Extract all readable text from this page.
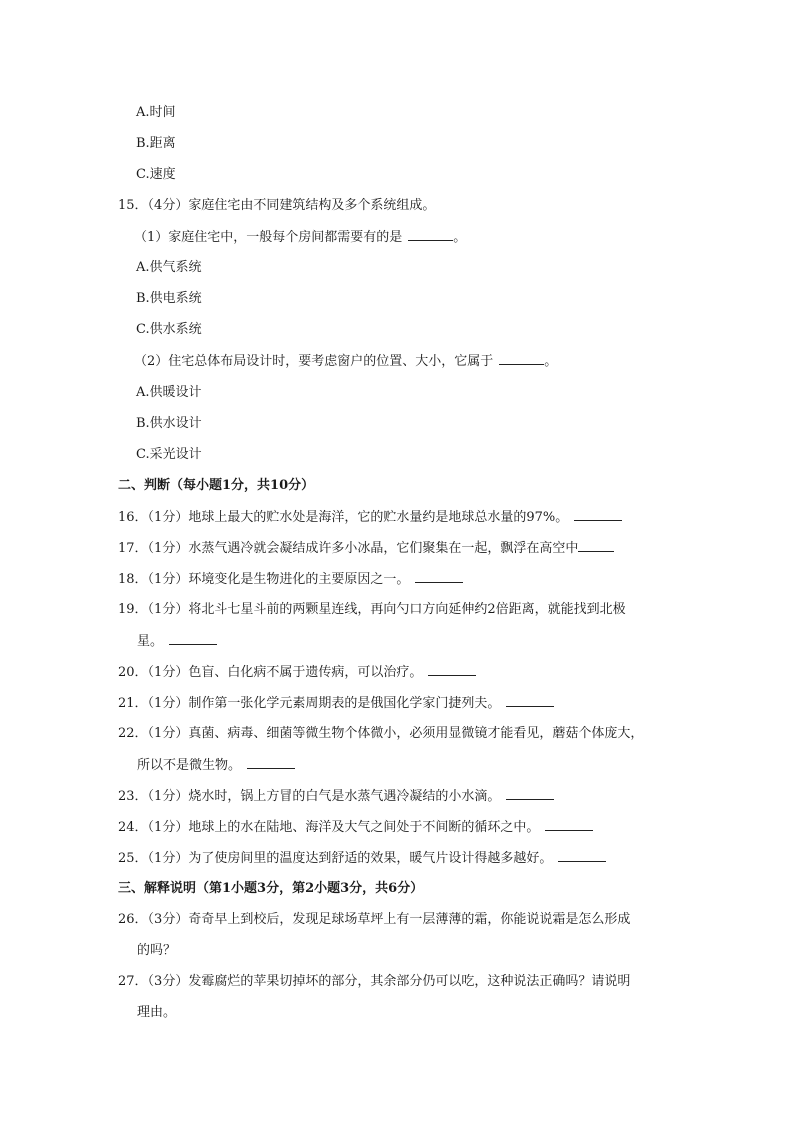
A.时间
B.距离
C.速度
15．（4分）家庭住宅由不同建筑结构及多个系统组成。
（1）家庭住宅中，一般每个房间都需要有的是	。
A.供气系统
B.供电系统
C.供水系统
（2）住宅总体布局设计时，要考虑窗户的位置、大小，它属于	。
A.供暖设计
B.供水设计
C.采光设计
二、判断（每小题1分，共10分）
16．（1分）地球上最大的贮水处是海洋，它的贮水量约是地球总水量的97%。
17．（1分）水蒸气遇冷就会凝结成许多小冰晶，它们聚集在一起，飘浮在高空中
18．（1分）环境变化是生物进化的主要原因之一。
19．（1分）将北斗七星斗前的两颗星连线，再向勺口方向延伸约2倍距离，就能找到北极
星。
20．（1分）色盲、白化病不属于遗传病，可以治疗。
21．（1分）制作第一张化学元素周期表的是俄国化学家门捷列夫。
22．（1分）真菌、病毒、细菌等微生物个体微小，必须用显微镜才能看见，蘑菇个体庞大，
所以不是微生物。
23．（1分）烧水时，锅上方冒的白气是水蒸气遇冷凝结的小水滴。
24．（1分）地球上的水在陆地、海洋及大气之间处于不间断的循环之中。
25．（1分）为了使房间里的温度达到舒适的效果，暖气片设计得越多越好。
三、解释说明（第1小题3分，第2小题3分，共6分）
26．（3分）奇奇早上到校后，发现足球场草坪上有一层薄薄的霜，你能说说霜是怎么形成
的吗？
27．（3分）发霉腐烂的苹果切掉坏的部分，其余部分仍可以吃，这种说法正确吗？请说明
理由。
